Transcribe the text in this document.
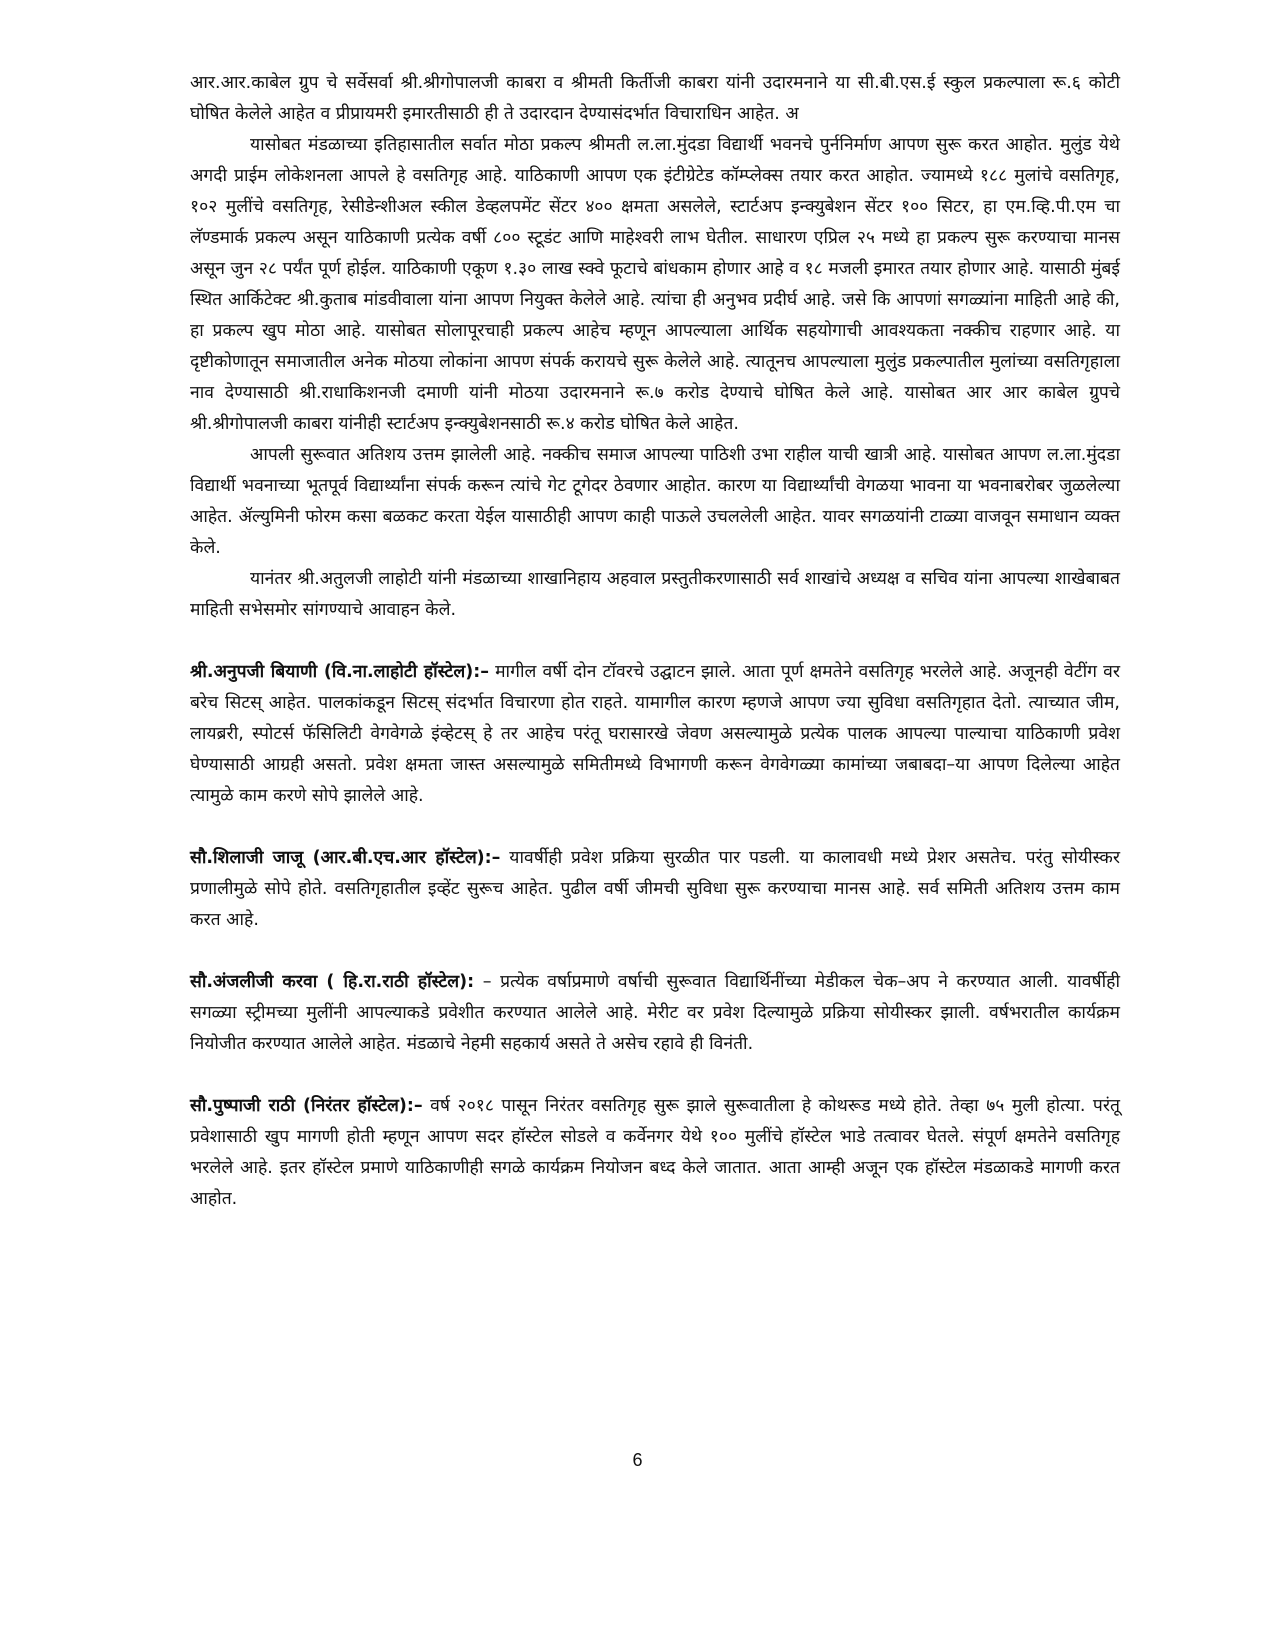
आर.आर.काबेल ग्रुप चे सर्वेसर्वा श्री.श्रीगोपालजी काबरा व श्रीमती किर्तीजी काबरा यांनी उदारमनाने या सी.बी.एस.ई स्कुल प्रकल्पाला रू.६ कोटी घोषित केलेले आहेत व प्रीप्रायमरी इमारतीसाठी ही ते उदारदान देण्यासंदर्भात विचाराधिन आहेत. अ

यासोबत मंडळाच्या इतिहासातील सर्वात मोठा प्रकल्प श्रीमती ल.ला.मुंदडा विद्यार्थी भवनचे पुर्ननिर्माण आपण सुरू करत आहोत. मुलुंड येथे अगदी प्राईम लोकेशनला आपले हे वसतिगृह आहे. याठिकाणी आपण एक इंटीग्रेटेड कॉम्प्लेक्स तयार करत आहोत. ज्यामध्ये १८८ मुलांचे वसतिगृह, १०२ मुलींचे वसतिगृह, रेसीडेन्शीअल स्कील डेव्हलपमेंट सेंटर ४०० क्षमता असलेले, स्टार्टअप इन्क्युबेशन सेंटर १०० सिटर, हा एम.व्हि.पी.एम चा लॅण्डमार्क प्रकल्प असून याठिकाणी प्रत्येक वर्षी ८०० स्टूडंट आणि माहेश्वरी लाभ घेतील. साधारण एप्रिल २५ मध्ये हा प्रकल्प सुरू करण्याचा मानस असून जुन २८ पर्यंत पूर्ण होईल. याठिकाणी एकूण १.३० लाख स्क्वे फूटाचे बांधकाम होणार आहे व १८ मजली इमारत तयार होणार आहे. यासाठी मुंबई स्थित आर्किटेक्ट श्री.कुताब मांडवीवाला यांना आपण नियुक्त केलेले आहे. त्यांचा ही अनुभव प्रदीर्घ आहे. जसे कि आपणां सगळ्यांना माहिती आहे की, हा प्रकल्प खुप मोठा आहे. यासोबत सोलापूरचाही प्रकल्प आहेच म्हणून आपल्याला आर्थिक सहयोगाची आवश्यकता नक्कीच राहणार आहे. या दृष्टीकोणातून समाजातील अनेक मोठया लोकांना आपण संपर्क करायचे सुरू केलेले आहे. त्यातूनच आपल्याला मुलुंड प्रकल्पातील मुलांच्या वसतिगृहाला नाव देण्यासाठी श्री.राधाकिशनजी दमाणी यांनी मोठया उदारमनाने रू.७ करोड देण्याचे घोषित केले आहे. यासोबत आर आर काबेल ग्रुपचे श्री.श्रीगोपालजी काबरा यांनीही स्टार्टअप इन्क्युबेशनसाठी रू.४ करोड घोषित केले आहेत.

आपली सुरूवात अतिशय उत्तम झालेली आहे. नक्कीच समाज आपल्या पाठिशी उभा राहील याची खात्री आहे. यासोबत आपण ल.ला.मुंदडा विद्यार्थी भवनाच्या भूतपूर्व विद्यार्थ्यांना संपर्क करून त्यांचे गेट टूगेदर ठेवणार आहोत. कारण या विद्यार्थ्यांची वेगळया भावना या भवनाबरोबर जुळलेल्या आहेत. ॲल्युमिनी फोरम कसा बळकट करता येईल यासाठीही आपण काही पाऊले उचललेली आहेत. यावर सगळयांनी टाळ्या वाजवून समाधान व्यक्त केले.

यानंतर श्री.अतुलजी लाहोटी यांनी मंडळाच्या शाखानिहाय अहवाल प्रस्तुतीकरणासाठी सर्व शाखांचे अध्यक्ष व सचिव यांना आपल्या शाखेबाबत माहिती सभेसमोर सांगण्याचे आवाहन केले.

श्री.अनुपजी बियाणी (वि.ना.लाहोटी हॉस्टेल):– मागील वर्षी दोन टॉवरचे उद्घाटन झाले. आता पूर्ण क्षमतेने वसतिगृह भरलेले आहे. अजूनही वेटींग वर बरेच सिटस् आहेत. पालकांकडून सिटस् संदर्भात विचारणा होत राहते. यामागील कारण म्हणजे आपण ज्या सुविधा वसतिगृहात देतो. त्याच्यात जीम, लायब्ररी, स्पोटर्स फॅसिलिटी वेगवेगळे इंव्हेटस् हे तर आहेच परंतू घरासारखे जेवण असल्यामुळे प्रत्येक पालक आपल्या पाल्याचा याठिकाणी प्रवेश घेण्यासाठी आग्रही असतो. प्रवेश क्षमता जास्त असल्यामुळे समितीमध्ये विभागणी करून वेगवेगळ्या कामांच्या जबाबदा–या आपण दिलेल्या आहेत त्यामुळे काम करणे सोपे झालेले आहे.

सौ.शिलाजी जाजू (आर.बी.एच.आर हॉस्टेल):– यावर्षीही प्रवेश प्रक्रिया सुरळीत पार पडली. या कालावधी मध्ये प्रेशर असतेच. परंतु सोयीस्कर प्रणालीमुळे सोपे होते. वसतिगृहातील इव्हेंट सुरूच आहेत. पुढील वर्षी जीमची सुविधा सुरू करण्याचा मानस आहे. सर्व समिती अतिशय उत्तम काम करत आहे.

सौ.अंजलीजी करवा ( हि.रा.राठी हॉस्टेल): – प्रत्येक वर्षाप्रमाणे वर्षाची सुरूवात विद्यार्थिनींच्या मेडीकल चेक–अप ने करण्यात आली. यावर्षीही सगळ्या स्ट्रीमच्या मुलींनी आपल्याकडे प्रवेशीत करण्यात आलेले आहे. मेरीट वर प्रवेश दिल्यामुळे प्रक्रिया सोयीस्कर झाली. वर्षभरातील कार्यक्रम नियोजीत करण्यात आलेले आहेत. मंडळाचे नेहमी सहकार्य असते ते असेच रहावे ही विनंती.

सौ.पुष्पाजी राठी (निरंतर हॉस्टेल):– वर्ष २०१८ पासून निरंतर वसतिगृह सुरू झाले सुरूवातीला हे कोथरूड मध्ये होते. तेव्हा ७५ मुली होत्या. परंतू प्रवेशासाठी खुप मागणी होती म्हणून आपण सदर हॉस्टेल सोडले व कर्वेनगर येथे १०० मुलींचे हॉस्टेल भाडे तत्वावर घेतले. संपूर्ण क्षमतेने वसतिगृह भरलेले आहे. इतर हॉस्टेल प्रमाणे याठिकाणीही सगळे कार्यक्रम नियोजन बध्द केले जातात. आता आम्ही अजून एक हॉस्टेल मंडळाकडे मागणी करत आहोत.

6
